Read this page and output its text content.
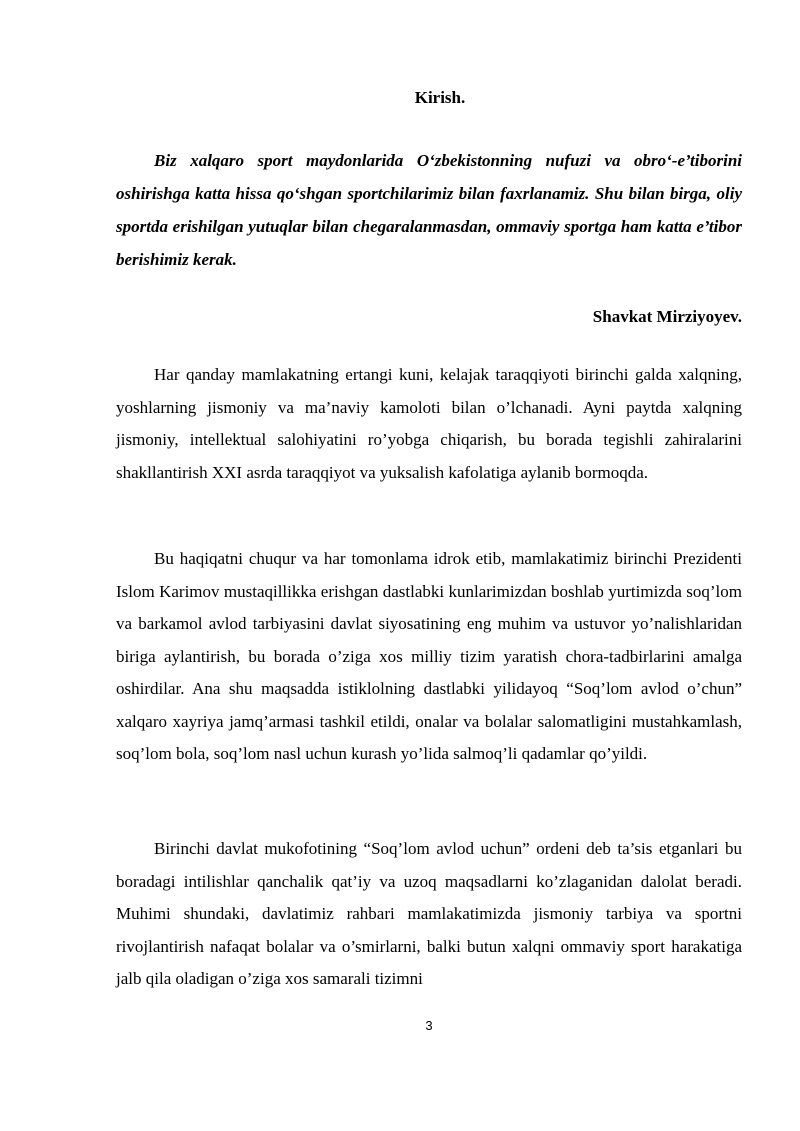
Kirish.

Biz xalqaro sport maydonlarida O‘zbekistonning nufuzi va obro‘-e’tiborini oshirishga katta hissa qo‘shgan sportchilarimiz bilan faxrlanamiz. Shu bilan birga, oliy sportda erishilgan yutuqlar bilan chegaralanmasdan, ommaviy sportga ham katta e’tibor berishimiz kerak.

Shavkat Mirziyoyev.

Har qanday mamlakatning ertangi kuni, kelajak taraqqiyoti birinchi galda xalqning, yoshlarning jismoniy va ma’naviy kamoloti bilan o’lchanadi. Ayni paytda xalqning jismoniy, intellektual salohiyatini ro’yobga chiqarish, bu borada tegishli zahiralarini shakllantirish XXI asrda taraqqiyot va yuksalish kafolatiga aylanib bormoqda.

Bu haqiqatni chuqur va har tomonlama idrok etib, mamlakatimiz birinchi Prezidenti Islom Karimov mustaqillikka erishgan dastlabki kunlarimizdan boshlab yurtimizda soq’lom va barkamol avlod tarbiyasini davlat siyosatining eng muhim va ustuvor yo’nalishlaridan biriga aylantirish, bu borada o’ziga xos milliy tizim yaratish chora-tadbirlarini amalga oshirdilar. Ana shu maqsadda istiklolning dastlabki yilidayoq “Soq’lom avlod o’chun” xalqaro xayriya jamq’armasi tashkil etildi, onalar va bolalar salomatligini mustahkamlash, soq’lom bola, soq’lom nasl uchun kurash yo’lida salmoq’li qadamlar qo’yildi.

Birinchi davlat mukofotining “Soq’lom avlod uchun” ordeni deb ta’sis etganlari bu boradagi intilishlar qanchalik qat’iy va uzoq maqsadlarni ko’zlaganidan dalolat beradi. Muhimi shundaki, davlatimiz rahbari mamlakatimizda jismoniy tarbiya va sportni rivojlantirish nafaqat bolalar va o’smirlarni, balki butun xalqni ommaviy sport harakatiga jalb qila oladigan o’ziga xos samarali tizimni

3
